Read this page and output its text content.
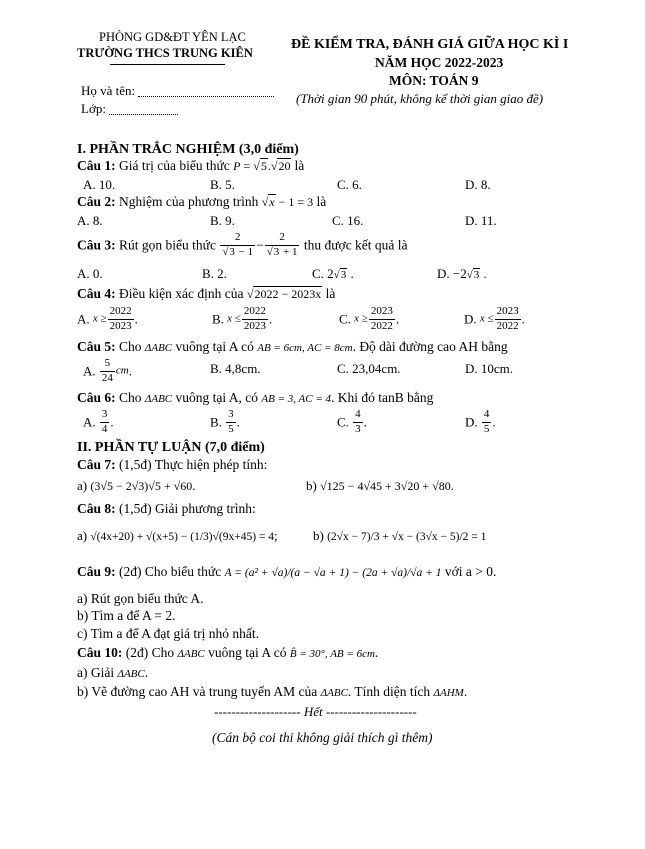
PHÒNG GD&ĐT YÊN LẠC
TRƯỜNG THCS TRUNG KIÊN
Họ và tên:
Lớp:
ĐỀ KIỂM TRA, ĐÁNH GIÁ GIỮA HỌC KÌ I
NĂM HỌC 2022-2023
MÔN: TOÁN 9
(Thời gian 90 phút, không kể thời gian giao đề)
I. PHẦN TRẮC NGHIỆM (3,0 điểm)
Câu 1: Giá trị của biểu thức P = √5.√20 là
A. 10.	B. 5.	C. 6.	D. 8.
Câu 2: Nghiệm của phương trình √x − 1 = 3 là
A. 8.	B. 9.	C. 16.	D. 11.
Câu 3: Rút gọn biểu thức $\frac{2}{√3 - 1} - \frac{2}{√3 + 1}$ thu được kết quả là
A. 0.	B. 2.	C. 2√3 .	D. −2√3 .
Câu 4: Điều kiện xác định của √2022 − 2023x là
A. $x \ge \frac{2022}{2023}$ .	B. $x \le \frac{2022}{2023}$ .	C. $x \ge \frac{2023}{2022}$ .	D. $x \le \frac{2023}{2022}$ .
Câu 5: Cho ΔABC vuông tại A có AB = 6cm, AC = 8cm. Độ dài đường cao AH bằng
A. $\frac{5}{24}$ cm.	B. 4,8cm.	C. 23,04cm.	D. 10cm.
Câu 6: Cho ΔABC vuông tại A, có AB = 3, AC = 4. Khi đó tanB bằng
A. $\frac{3}{4}$ .	B. $\frac{3}{5}$ .	C. $\frac{4}{3}$ .	D. $\frac{4}{5}$ .
II. PHẦN TỰ LUẬN (7,0 điểm)
Câu 7: (1,5đ) Thực hiện phép tính:
a) (3√5 − 2√3)√5 + √60.	b) √125 − 4√45 + 3√20 + √80.
Câu 8: (1,5đ) Giải phương trình:
a) √(4x+20) + √(x+5) − (1/3)√(9x+45) = 4;	b) (2√x − 7)/3 + √x − (3√x − 5)/2 = 1
Câu 9: (2đ) Cho biểu thức A = (a² + √a)/(a − √a + 1) − (2a + √a)/√a + 1 với a > 0.
a) Rút gọn biểu thức A.
b) Tìm a để A = 2.
c) Tìm a để A đạt giá trị nhỏ nhất.
Câu 10: (2đ) Cho ΔABC vuông tại A có B̂ = 30°, AB = 6cm.
a) Giải ΔABC.
b) Vẽ đường cao AH và trung tuyến AM của ΔABC. Tính diện tích ΔAHM.
-------------------- Hết ---------------------
(Cán bộ coi thi không giải thích gì thêm)
